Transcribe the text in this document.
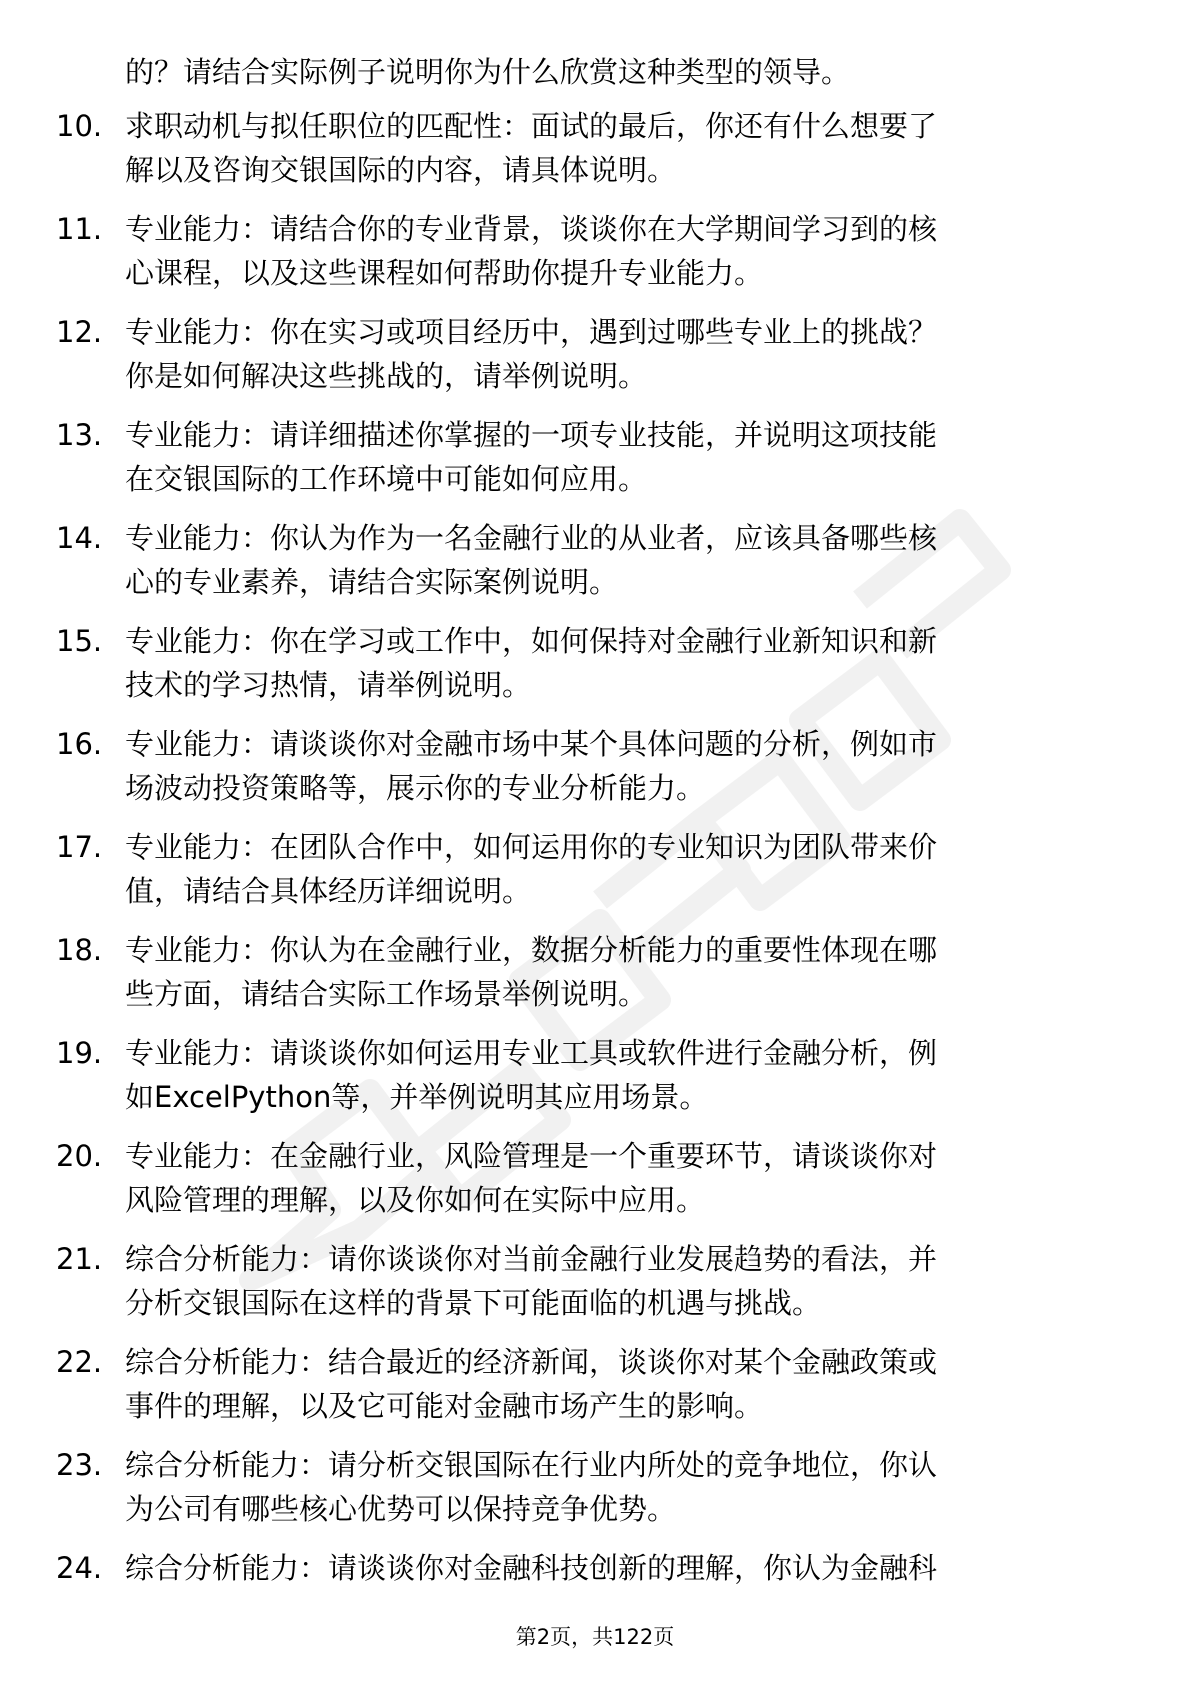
的？请结合实际例子说明你为什么欣赏这种类型的领导。
10. 求职动机与拟任职位的匹配性：面试的最后，你还有什么想要了
解以及咨询交银国际的内容，请具体说明。
11. 专业能力：请结合你的专业背景，谈谈你在大学期间学习到的核
心课程，以及这些课程如何帮助你提升专业能力。
12. 专业能力：你在实习或项目经历中，遇到过哪些专业上的挑战？
你是如何解决这些挑战的，请举例说明。
13. 专业能力：请详细描述你掌握的一项专业技能，并说明这项技能
在交银国际的工作环境中可能如何应用。
14. 专业能力：你认为作为一名金融行业的从业者，应该具备哪些核
心的专业素养，请结合实际案例说明。
15. 专业能力：你在学习或工作中，如何保持对金融行业新知识和新
技术的学习热情，请举例说明。
16. 专业能力：请谈谈你对金融市场中某个具体问题的分析，例如市
场波动投资策略等，展示你的专业分析能力。
17. 专业能力：在团队合作中，如何运用你的专业知识为团队带来价
值，请结合具体经历详细说明。
18. 专业能力：你认为在金融行业，数据分析能力的重要性体现在哪
些方面，请结合实际工作场景举例说明。
19. 专业能力：请谈谈你如何运用专业工具或软件进行金融分析，例
如ExcelPython等，并举例说明其应用场景。
20. 专业能力：在金融行业，风险管理是一个重要环节，请谈谈你对
风险管理的理解，以及你如何在实际中应用。
21. 综合分析能力：请你谈谈你对当前金融行业发展趋势的看法，并
分析交银国际在这样的背景下可能面临的机遇与挑战。
22. 综合分析能力：结合最近的经济新闻，谈谈你对某个金融政策或
事件的理解，以及它可能对金融市场产生的影响。
23. 综合分析能力：请分析交银国际在行业内所处的竞争地位，你认
为公司有哪些核心优势可以保持竞争优势。
24. 综合分析能力：请谈谈你对金融科技创新的理解，你认为金融科
第2页，共122页
